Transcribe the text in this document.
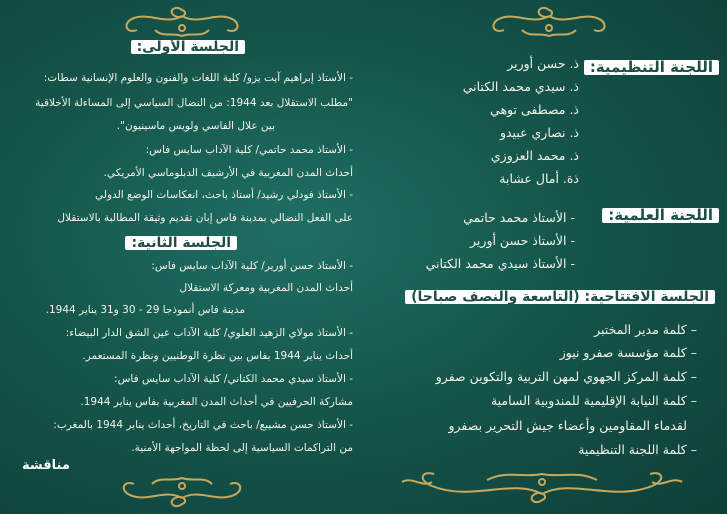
الجلسة الأولى:
- الأستاذ إبراهيم آيت يزو/ كلية اللغات والفنون والعلوم الإنسانية سطات:
"مطلب الاستقلال بعد 1944: من النضال السياسي إلى المساءلة الأخلاقية
بين علال الفاسي ولويس ماسينيون".
- الأستاذ محمد حاتمي/ كلية الآداب سايس فاس:
أحداث المدن المغربية في الأرشيف الدبلوماسي الأمريكي.
- الأستاذ فودلي رشيد/ أستاذ باحث، انعكاسات الوضع الدولي
على الفعل النضالي بمدينة فاس إبان تقديم وثيقة المطالبة بالاستقلال
الجلسة الثانية:
- الأستاذ حسن أورير/ كلية الآداب سايس فاس:
أحداث المدن المغربية ومعركة الاستقلال
مدينة فاس أنموذجا 29 - 30 و31 يناير 1944.
- الأستاذ مولاي الزهيد العلوي/ كلية الآداب عين الشق الدار البيضاء:
أحداث يناير 1944 بفاس بين نظرة الوطنيين ونظرة المستعمر.
- الأستاذ سيدي محمد الكتاني/ كلية الآداب سايس فاس:
مشاركة الحرفيين في أحداث المدن المغربية بفاس يناير 1944.
- الأستاذ حسن مشيبع/ باحث في التاريخ، أحداث يناير 1944 بالمغرب:
من التراكمات السياسية إلى لحظة المواجهة الأمنية.
مناقشة
اللجنة التنظيمية:
ذ. حسن أورير
ذ. سيدي محمد الكتاني
ذ. مصطفى توهي
ذ. نصاري عبيدو
ذ. محمد العزوزي
ذة. أمال عشابة
اللجنة العلمية:
- الأستاذ محمد حاتمي
- الأستاذ حسن أورير
- الأستاذ سيدي محمد الكتاني
الجلسة الافتتاحية: (التاسعة والنصف صباحا)
– كلمة مدير المختبر
– كلمة مؤسسة صفرو نيوز
– كلمة المركز الجهوي لمهن التربية والتكوين صفرو
– كلمة النيابة الإقليمية للمندوبية السامية
لقدماء المقاومين وأعضاء جيش التحرير بصفرو
– كلمة اللجنة التنظيمية
